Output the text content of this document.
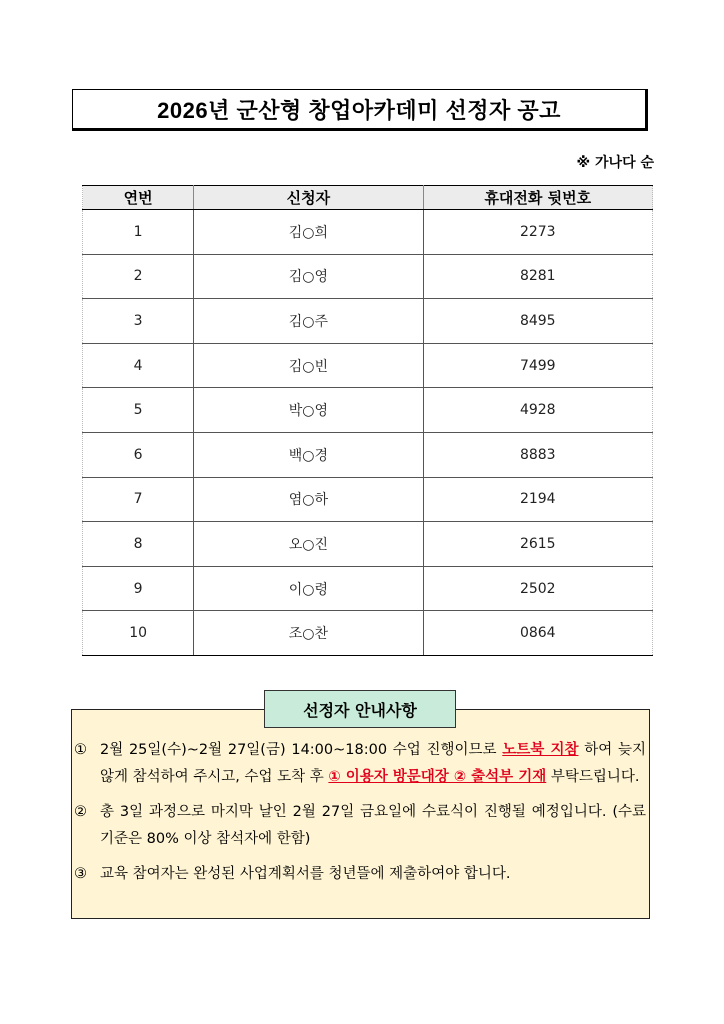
2026년 군산형 창업아카데미 선정자 공고
※ 가나다 순
연번	신청자	휴대전화 뒷번호
1	김○희	2273
2	김○영	8281
3	김○주	8495
4	김○빈	7499
5	박○영	4928
6	백○경	8883
7	염○하	2194
8	오○진	2615
9	이○령	2502
10	조○찬	0864
선정자 안내사항
① 2월 25일(수)~2월 27일(금) 14:00~18:00 수업 진행이므로 노트북 지참 하여 늦지 않게 참석하여 주시고, 수업 도착 후 ① 이용자 방문대장 ② 출석부 기재 부탁드립니다.
② 총 3일 과정으로 마지막 날인 2월 27일 금요일에 수료식이 진행될 예정입니다. (수료 기준은 80% 이상 참석자에 한함)
③ 교육 참여자는 완성된 사업계획서를 청년뜰에 제출하여야 합니다.
